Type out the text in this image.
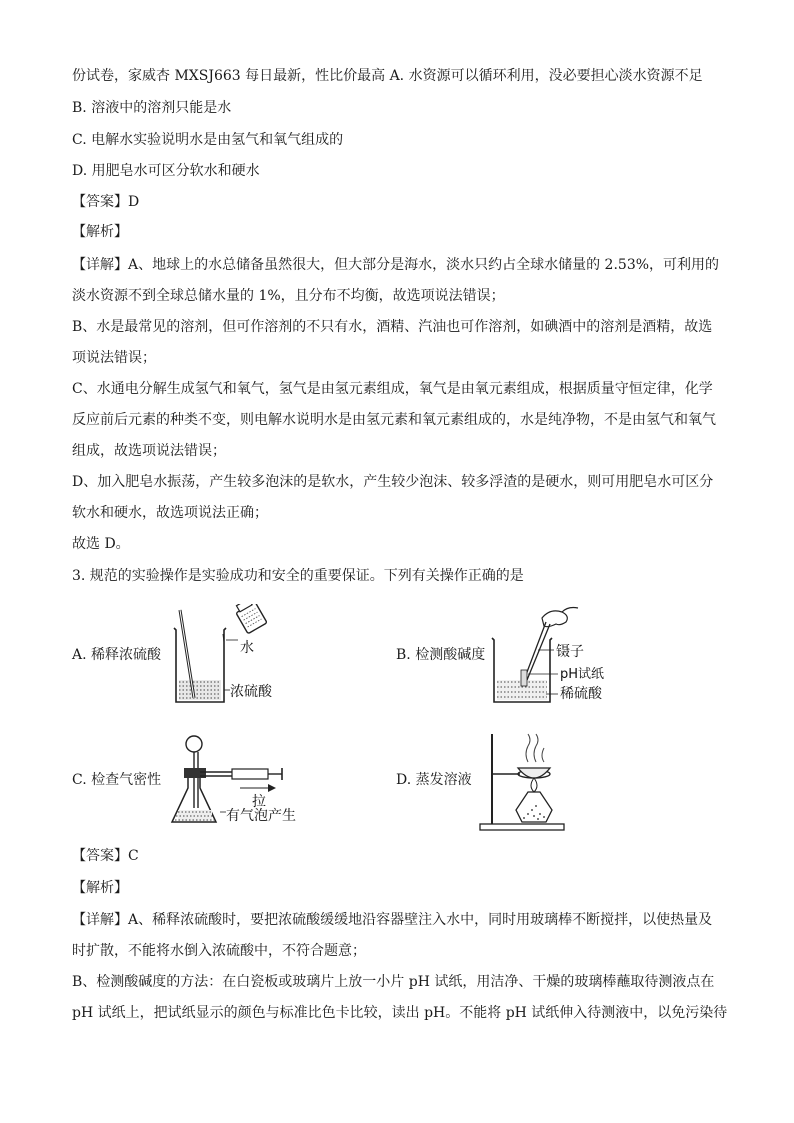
份试卷，家威杏 MXSJ663 每日最新，性比价最高 A. 水资源可以循环利用，没必要担心淡水资源不足
B. 溶液中的溶剂只能是水
C. 电解水实验说明水是由氢气和氧气组成的
D. 用肥皂水可区分软水和硬水
【答案】D
【解析】
【详解】A、地球上的水总储备虽然很大，但大部分是海水，淡水只约占全球水储量的 2.53%，可利用的
淡水资源不到全球总储水量的 1%，且分布不均衡，故选项说法错误；
B、水是最常见的溶剂，但可作溶剂的不只有水，酒精、汽油也可作溶剂，如碘酒中的溶剂是酒精，故选
项说法错误；
C、水通电分解生成氢气和氧气，氢气是由氢元素组成，氧气是由氧元素组成，根据质量守恒定律，化学
反应前后元素的种类不变，则电解水说明水是由氢元素和氧元素组成的，水是纯净物，不是由氢气和氧气
组成，故选项说法错误；
D、加入肥皂水振荡，产生较多泡沫的是软水，产生较少泡沫、较多浮渣的是硬水，则可用肥皂水可区分
软水和硬水，故选项说法正确；
故选 D。
3. 规范的实验操作是实验成功和安全的重要保证。下列有关操作正确的是
A. 稀释浓硫酸	水
浓硫酸
B. 检测酸碱度	镊子
pH试纸
稀硫酸
C. 检查气密性
拉
有气泡产生
D. 蒸发溶液
【答案】C
【解析】
【详解】A、稀释浓硫酸时，要把浓硫酸缓缓地沿容器壁注入水中，同时用玻璃棒不断搅拌，以使热量及
时扩散，不能将水倒入浓硫酸中，不符合题意；
B、检测酸碱度的方法：在白瓷板或玻璃片上放一小片 pH 试纸，用洁净、干燥的玻璃棒蘸取待测液点在
pH 试纸上，把试纸显示的颜色与标准比色卡比较，读出 pH。不能将 pH 试纸伸入待测液中，以免污染待
